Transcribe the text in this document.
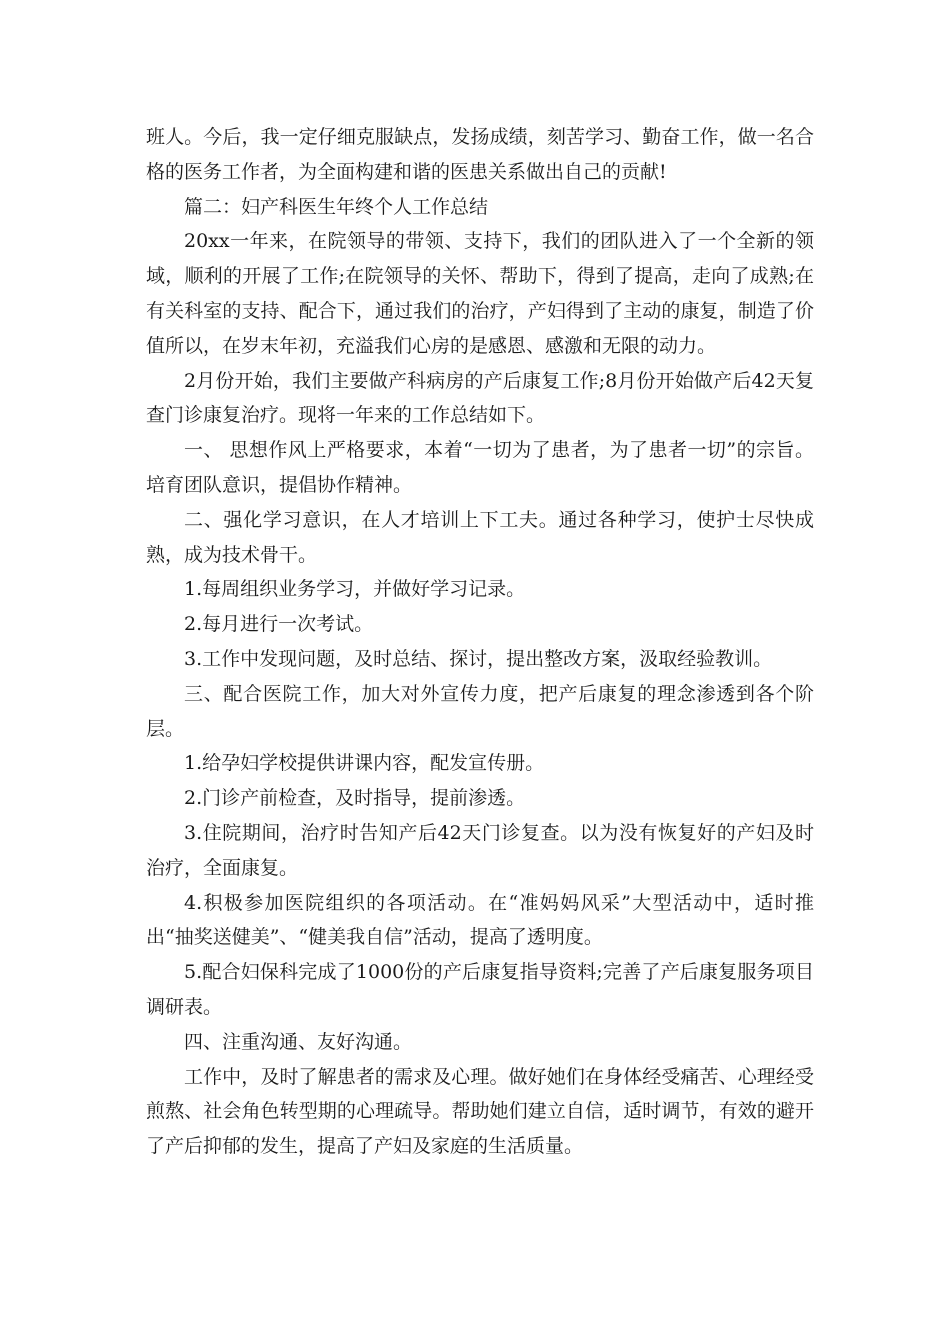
班人。今后，我一定仔细克服缺点，发扬成绩，刻苦学习、勤奋工作，做一名合格的医务工作者，为全面构建和谐的医患关系做出自己的贡献!

篇二：妇产科医生年终个人工作总结

20xx一年来，在院领导的带领、支持下，我们的团队进入了一个全新的领域，顺利的开展了工作;在院领导的关怀、帮助下，得到了提高，走向了成熟;在有关科室的支持、配合下，通过我们的治疗，产妇得到了主动的康复，制造了价值所以，在岁末年初，充溢我们心房的是感恩、感激和无限的动力。

2月份开始，我们主要做产科病房的产后康复工作;8月份开始做产后42天复查门诊康复治疗。现将一年来的工作总结如下。

一、 思想作风上严格要求，本着“一切为了患者，为了患者一切”的宗旨。培育团队意识，提倡协作精神。

二、强化学习意识，在人才培训上下工夫。通过各种学习，使护士尽快成熟，成为技术骨干。

1.每周组织业务学习，并做好学习记录。

2.每月进行一次考试。

3.工作中发现问题，及时总结、探讨，提出整改方案，汲取经验教训。

三、配合医院工作，加大对外宣传力度，把产后康复的理念渗透到各个阶层。

1.给孕妇学校提供讲课内容，配发宣传册。

2.门诊产前检查，及时指导，提前渗透。

3.住院期间，治疗时告知产后42天门诊复查。以为没有恢复好的产妇及时治疗，全面康复。

4.积极参加医院组织的各项活动。在“准妈妈风采”大型活动中，适时推出“抽奖送健美”、“健美我自信”活动，提高了透明度。

5.配合妇保科完成了1000份的产后康复指导资料;完善了产后康复服务项目调研表。

四、注重沟通、友好沟通。

工作中，及时了解患者的需求及心理。做好她们在身体经受痛苦、心理经受煎熬、社会角色转型期的心理疏导。帮助她们建立自信，适时调节，有效的避开了产后抑郁的发生，提高了产妇及家庭的生活质量。
